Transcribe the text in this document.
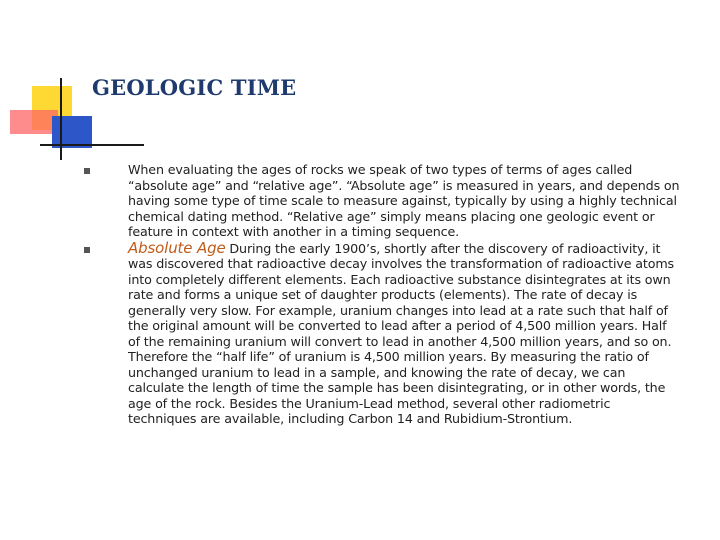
GEOLOGIC TIME
When evaluating the ages of rocks we speak of two types of terms of ages called “absolute age” and “relative age”. “Absolute age” is measured in years, and depends on having some type of time scale to measure against, typically by using a highly technical chemical dating method. “Relative age” simply means placing one geologic event or feature in context with another in a timing sequence.
Absolute Age During the early 1900’s, shortly after the discovery of radioactivity, it was discovered that radioactive decay involves the transformation of radioactive atoms into completely different elements. Each radioactive substance disintegrates at its own rate and forms a unique set of daughter products (elements). The rate of decay is generally very slow. For example, uranium changes into lead at a rate such that half of the original amount will be converted to lead after a period of 4,500 million years. Half of the remaining uranium will convert to lead in another 4,500 million years, and so on. Therefore the “half life” of uranium is 4,500 million years. By measuring the ratio of unchanged uranium to lead in a sample, and knowing the rate of decay, we can calculate the length of time the sample has been disintegrating, or in other words, the age of the rock. Besides the Uranium-Lead method, several other radiometric techniques are available, including Carbon 14 and Rubidium-Strontium.
